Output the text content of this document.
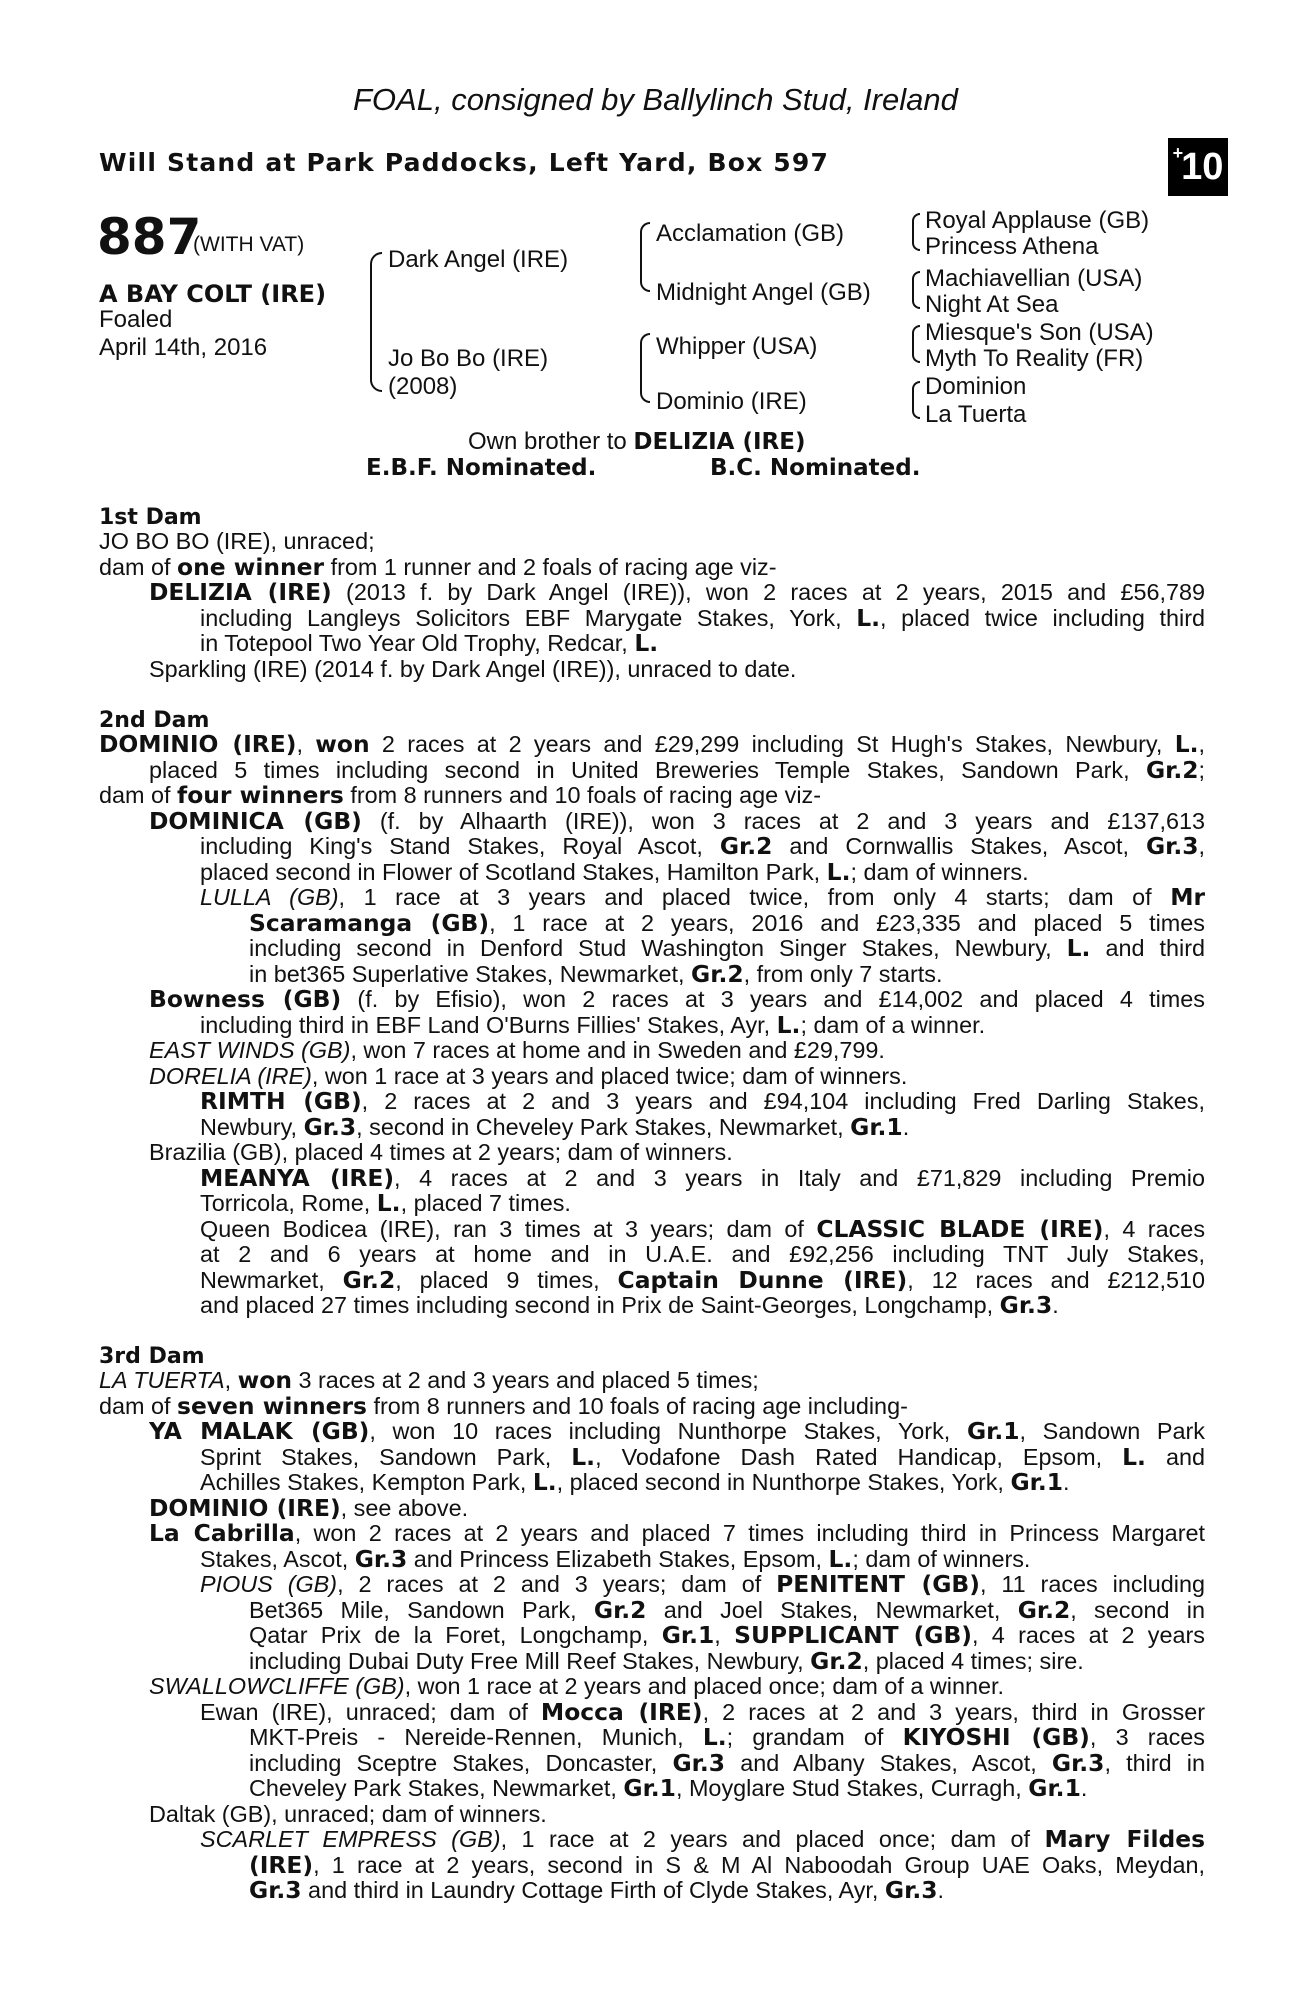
FOAL, consigned by Ballylinch Stud, Ireland
Will Stand at Park Paddocks, Left Yard, Box 597	+
10
887
(WITH VAT)
A BAY COLT (IRE)
Foaled
April 14th, 2016
Dark Angel (IRE)
Jo Bo Bo (IRE)
(2008)
Acclamation (GB)
Midnight Angel (GB)
Whipper (USA)
Dominio (IRE)
Royal Applause (GB)
Princess Athena
Machiavellian (USA)
Night At Sea
Miesque's Son (USA)
Myth To Reality (FR)
Dominion
La Tuerta
Own brother to DELIZIA (IRE)
E.B.F. Nominated.	B.C. Nominated.
1st Dam
JO BO BO (IRE), unraced;
dam of one winner from 1 runner and 2 foals of racing age viz-
DELIZIA (IRE) (2013 f. by Dark Angel (IRE)), won 2 races at 2 years, 2015 and £56,789
including Langleys Solicitors EBF Marygate Stakes, York, L., placed twice including third
in Totepool Two Year Old Trophy, Redcar, L.
Sparkling (IRE) (2014 f. by Dark Angel (IRE)), unraced to date.
2nd Dam
DOMINIO (IRE), won 2 races at 2 years and £29,299 including St Hugh's Stakes, Newbury, L.,
placed 5 times including second in United Breweries Temple Stakes, Sandown Park, Gr.2;
dam of four winners from 8 runners and 10 foals of racing age viz-
DOMINICA (GB) (f. by Alhaarth (IRE)), won 3 races at 2 and 3 years and £137,613
including King's Stand Stakes, Royal Ascot, Gr.2 and Cornwallis Stakes, Ascot, Gr.3,
placed second in Flower of Scotland Stakes, Hamilton Park, L.; dam of winners.
LULLA (GB), 1 race at 3 years and placed twice, from only 4 starts; dam of Mr
Scaramanga (GB), 1 race at 2 years, 2016 and £23,335 and placed 5 times
including second in Denford Stud Washington Singer Stakes, Newbury, L. and third
in bet365 Superlative Stakes, Newmarket, Gr.2, from only 7 starts.
Bowness (GB) (f. by Efisio), won 2 races at 3 years and £14,002 and placed 4 times
including third in EBF Land O'Burns Fillies' Stakes, Ayr, L.; dam of a winner.
EAST WINDS (GB), won 7 races at home and in Sweden and £29,799.
DORELIA (IRE), won 1 race at 3 years and placed twice; dam of winners.
RIMTH (GB), 2 races at 2 and 3 years and £94,104 including Fred Darling Stakes,
Newbury, Gr.3, second in Cheveley Park Stakes, Newmarket, Gr.1.
Brazilia (GB), placed 4 times at 2 years; dam of winners.
MEANYA (IRE), 4 races at 2 and 3 years in Italy and £71,829 including Premio
Torricola, Rome, L., placed 7 times.
Queen Bodicea (IRE), ran 3 times at 3 years; dam of CLASSIC BLADE (IRE), 4 races
at 2 and 6 years at home and in U.A.E. and £92,256 including TNT July Stakes,
Newmarket, Gr.2, placed 9 times, Captain Dunne (IRE), 12 races and £212,510
and placed 27 times including second in Prix de Saint-Georges, Longchamp, Gr.3.
3rd Dam
LA TUERTA, won 3 races at 2 and 3 years and placed 5 times;
dam of seven winners from 8 runners and 10 foals of racing age including-
YA MALAK (GB), won 10 races including Nunthorpe Stakes, York, Gr.1, Sandown Park
Sprint Stakes, Sandown Park, L., Vodafone Dash Rated Handicap, Epsom, L. and
Achilles Stakes, Kempton Park, L., placed second in Nunthorpe Stakes, York, Gr.1.
DOMINIO (IRE), see above.
La Cabrilla, won 2 races at 2 years and placed 7 times including third in Princess Margaret
Stakes, Ascot, Gr.3 and Princess Elizabeth Stakes, Epsom, L.; dam of winners.
PIOUS (GB), 2 races at 2 and 3 years; dam of PENITENT (GB), 11 races including
Bet365 Mile, Sandown Park, Gr.2 and Joel Stakes, Newmarket, Gr.2, second in
Qatar Prix de la Foret, Longchamp, Gr.1, SUPPLICANT (GB), 4 races at 2 years
including Dubai Duty Free Mill Reef Stakes, Newbury, Gr.2, placed 4 times; sire.
SWALLOWCLIFFE (GB), won 1 race at 2 years and placed once; dam of a winner.
Ewan (IRE), unraced; dam of Mocca (IRE), 2 races at 2 and 3 years, third in Grosser
MKT-Preis - Nereide-Rennen, Munich, L.; grandam of KIYOSHI (GB), 3 races
including Sceptre Stakes, Doncaster, Gr.3 and Albany Stakes, Ascot, Gr.3, third in
Cheveley Park Stakes, Newmarket, Gr.1, Moyglare Stud Stakes, Curragh, Gr.1.
Daltak (GB), unraced; dam of winners.
SCARLET EMPRESS (GB), 1 race at 2 years and placed once; dam of Mary Fildes
(IRE), 1 race at 2 years, second in S & M Al Naboodah Group UAE Oaks, Meydan,
Gr.3 and third in Laundry Cottage Firth of Clyde Stakes, Ayr, Gr.3.
